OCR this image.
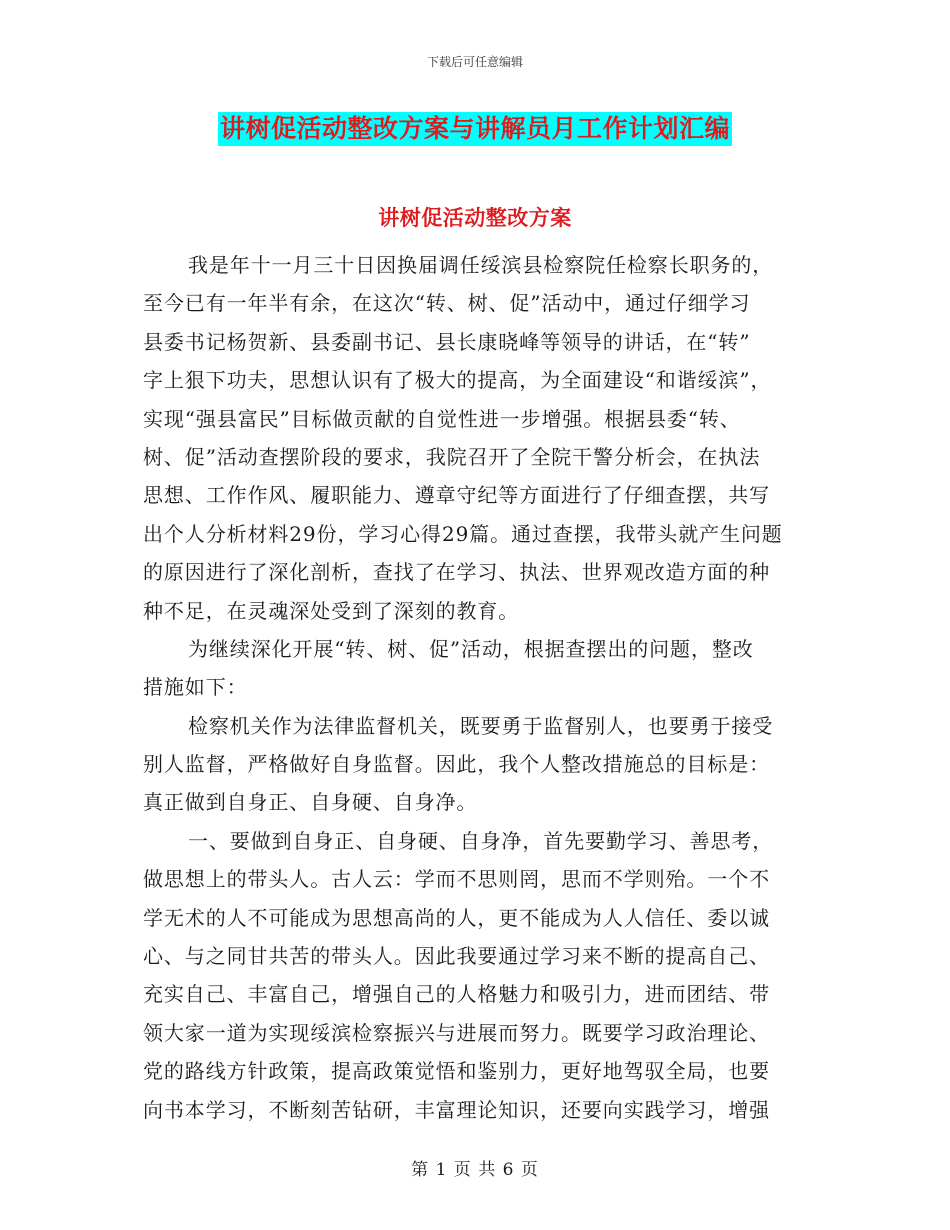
下载后可任意编辑
讲树促活动整改方案与讲解员月工作计划汇编
讲树促活动整改方案
我是年十一月三十日因换届调任绥滨县检察院任检察长职务的，
至今已有一年半有余，在这次“转、树、促”活动中，通过仔细学习
县委书记杨贺新、县委副书记、县长康晓峰等领导的讲话，在“转”
字上狠下功夫，思想认识有了极大的提高，为全面建设“和谐绥滨”，
实现“强县富民”目标做贡献的自觉性进一步增强。根据县委“转、
树、促”活动查摆阶段的要求，我院召开了全院干警分析会，在执法
思想、工作作风、履职能力、遵章守纪等方面进行了仔细查摆，共写
出个人分析材料29份，学习心得29篇。通过查摆，我带头就产生问题
的原因进行了深化剖析，查找了在学习、执法、世界观改造方面的种
种不足，在灵魂深处受到了深刻的教育。
为继续深化开展“转、树、促”活动，根据查摆出的问题，整改
措施如下：
检察机关作为法律监督机关，既要勇于监督别人，也要勇于接受
别人监督，严格做好自身监督。因此，我个人整改措施总的目标是：
真正做到自身正、自身硬、自身净。
一、要做到自身正、自身硬、自身净，首先要勤学习、善思考，
做思想上的带头人。古人云：学而不思则罔，思而不学则殆。一个不
学无术的人不可能成为思想高尚的人，更不能成为人人信任、委以诚
心、与之同甘共苦的带头人。因此我要通过学习来不断的提高自己、
充实自己、丰富自己，增强自己的人格魅力和吸引力，进而团结、带
领大家一道为实现绥滨检察振兴与进展而努力。既要学习政治理论、
党的路线方针政策，提高政策觉悟和鉴别力，更好地驾驭全局，也要
向书本学习，不断刻苦钻研，丰富理论知识，还要向实践学习，增强
第 1 页 共 6 页
